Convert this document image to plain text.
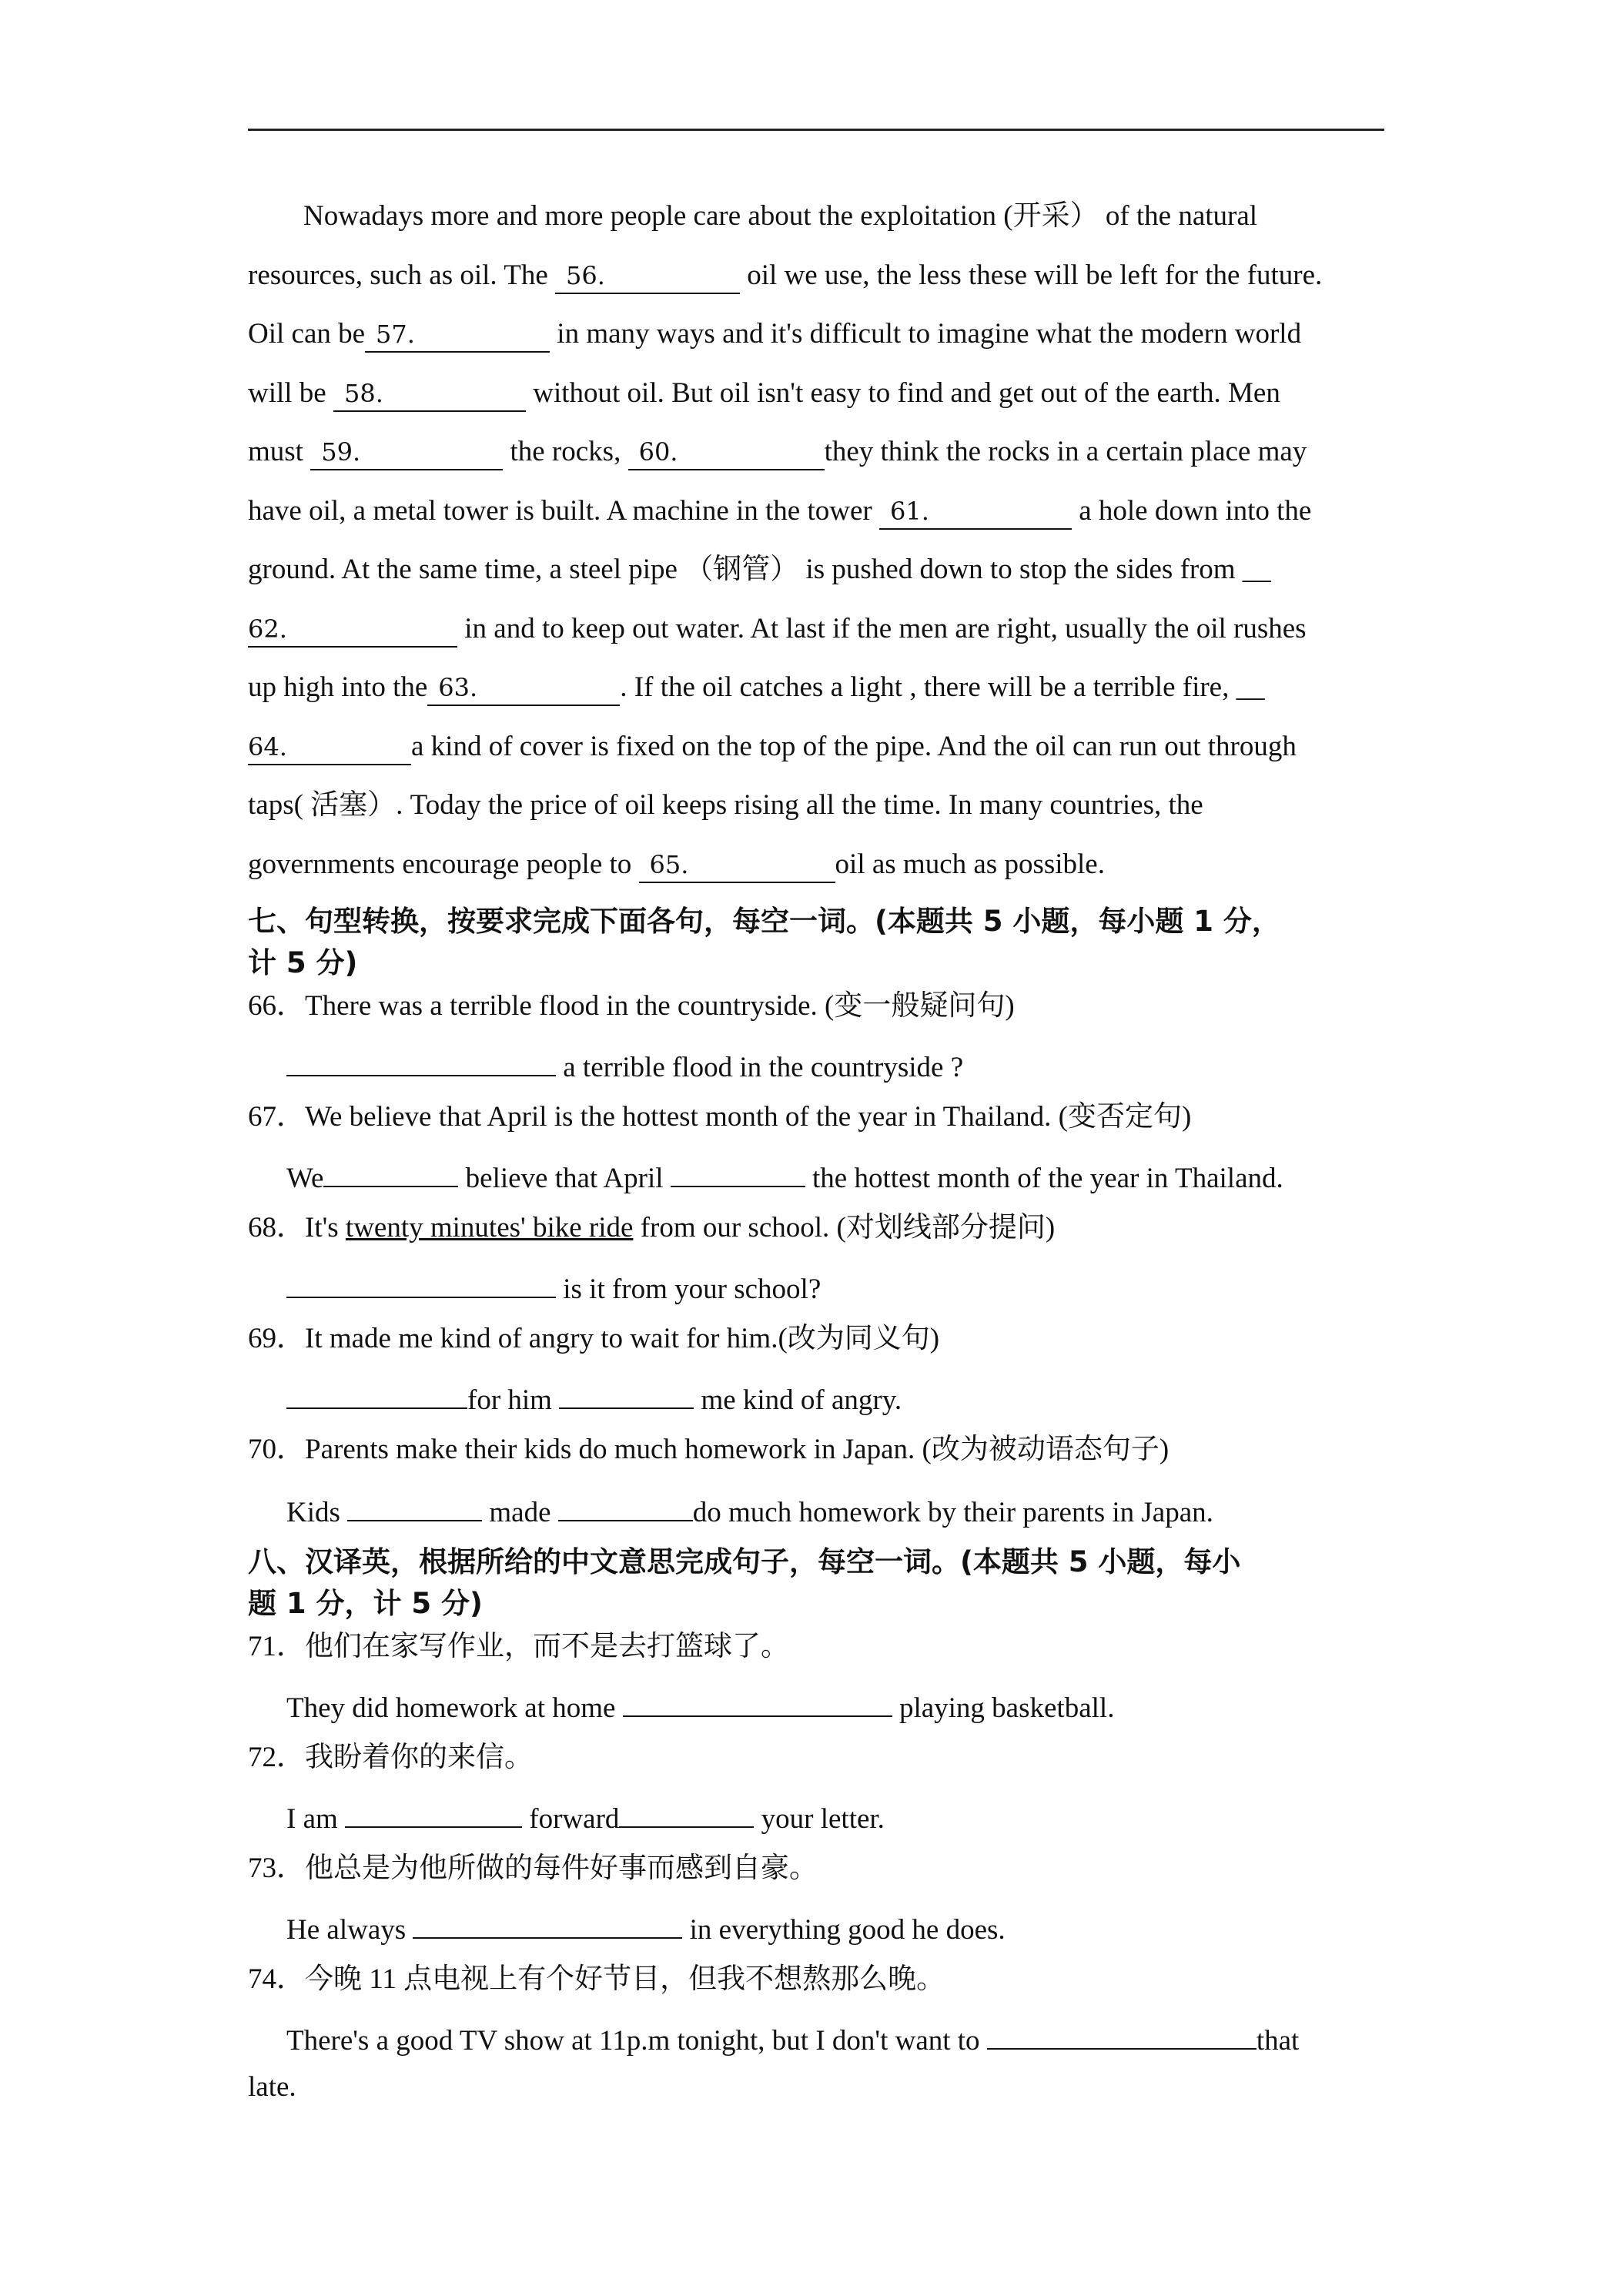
Nowadays more and more people care about the exploitation (开采） of the natural
resources, such as oil. The 56.	oil we use, the less these will be left for the future.
Oil can be 57.	in many ways and it's difficult to imagine what the modern world
will be 58.	without oil. But oil isn't easy to find and get out of the earth. Men
must 59.	the rocks, 60.	they think the rocks in a certain place may
have oil, a metal tower is built. A machine in the tower 61.	a hole down into the
ground. At the same time, a steel pipe （钢管） is pushed down to stop the sides from __
62.	in and to keep out water. At last if the men are right, usually the oil rushes
up high into the 63.	. If the oil catches a light , there will be a terrible fire, __
64.	a kind of cover is fixed on the top of the pipe. And the oil can run out through
taps( 活塞）. Today the price of oil keeps rising all the time. In many countries, the
governments encourage people to 65.	oil as much as possible.
七、句型转换，按要求完成下面各句，每空一词。(本题共 5 小题，每小题 1 分，
计 5 分)
66．There was a terrible flood in the countryside. (变一般疑问句)
a terrible flood in the countryside ?
67．We believe that April is the hottest month of the year in Thailand. (变否定句)
We	believe that April	the hottest month of the year in Thailand.
68．It's twenty minutes' bike ride from our school. (对划线部分提问)
is it from your school?
69．It made me kind of angry to wait for him.(改为同义句)
for him	me kind of angry.
70．Parents make their kids do much homework in Japan. (改为被动语态句子)
Kids	made	do much homework by their parents in Japan.
八、汉译英，根据所给的中文意思完成句子，每空一词。(本题共 5 小题，每小
题 1 分，计 5 分)
71．他们在家写作业，而不是去打篮球了。
They did homework at home	playing basketball.
72．我盼着你的来信。
I am	forward	your letter.
73．他总是为他所做的每件好事而感到自豪。
He always	in everything good he does.
74．今晚 11 点电视上有个好节目，但我不想熬那么晚。
There's a good TV show at 11p.m tonight, but I don't want to	that
late.
